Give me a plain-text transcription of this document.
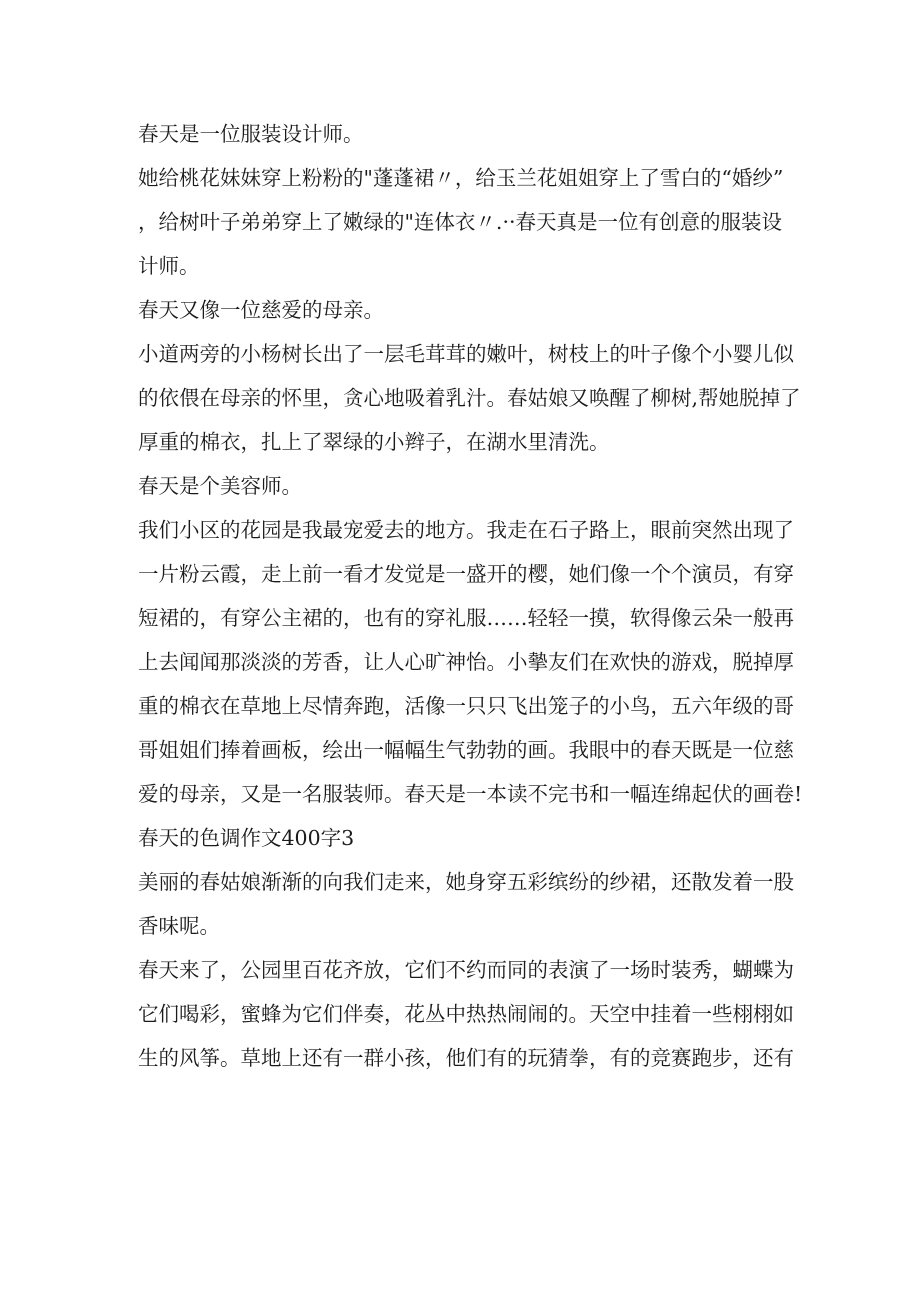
春天是一位服装设计师。
她给桃花妹妹穿上粉粉的"蓬蓬裙〃，给玉兰花姐姐穿上了雪白的“婚纱”
，给树叶子弟弟穿上了嫩绿的"连体衣〃.··春天真是一位有创意的服装设
计师。
春天又像一位慈爱的母亲。
小道两旁的小杨树长出了一层毛茸茸的嫩叶，树枝上的叶子像个小婴儿似
的依偎在母亲的怀里，贪心地吸着乳汁。春姑娘又唤醒了柳树,帮她脱掉了
厚重的棉衣，扎上了翠绿的小辫子，在湖水里清洗。
春天是个美容师。
我们小区的花园是我最宠爱去的地方。我走在石子路上，眼前突然出现了
一片粉云霞，走上前一看才发觉是一盛开的樱，她们像一个个演员，有穿
短裙的，有穿公主裙的，也有的穿礼服……轻轻一摸，软得像云朵一般再
上去闻闻那淡淡的芳香，让人心旷神怡。小摰友们在欢快的游戏，脱掉厚
重的棉衣在草地上尽情奔跑，活像一只只飞出笼子的小鸟，五六年级的哥
哥姐姐们捧着画板，绘出一幅幅生气勃勃的画。我眼中的春天既是一位慈
爱的母亲，又是一名服装师。春天是一本读不完书和一幅连绵起伏的画卷!
春天的色调作文400字3
美丽的春姑娘渐渐的向我们走来，她身穿五彩缤纷的纱裙，还散发着一股
香味呢。
春天来了，公园里百花齐放，它们不约而同的表演了一场时装秀，蝴蝶为
它们喝彩，蜜蜂为它们伴奏，花丛中热热闹闹的。天空中挂着一些栩栩如
生的风筝。草地上还有一群小孩，他们有的玩猜拳，有的竞赛跑步，还有
